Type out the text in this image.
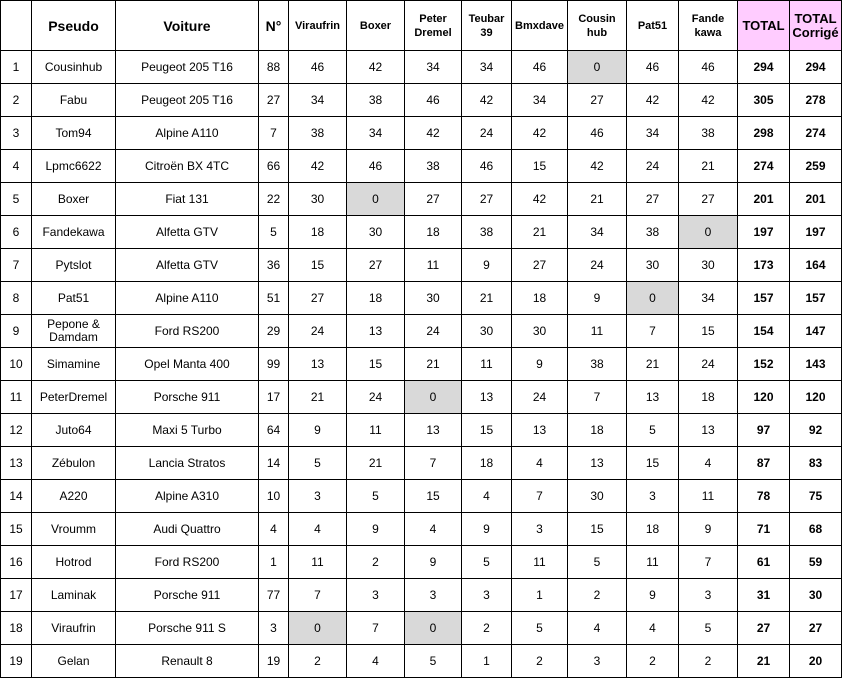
	Pseudo	Voiture	N°	Viraufrin	Boxer	Peter Dremel	Teubar 39	Bmxdave	Cousin hub	Pat51	Fande kawa	TOTAL	TOTAL Corrigé
1	Cousinhub	Peugeot 205 T16	88	46	42	34	34	46	0	46	46	294	294
2	Fabu	Peugeot 205 T16	27	34	38	46	42	34	27	42	42	305	278
3	Tom94	Alpine A110	7	38	34	42	24	42	46	34	38	298	274
4	Lpmc6622	Citroën BX 4TC	66	42	46	38	46	15	42	24	21	274	259
5	Boxer	Fiat 131	22	30	0	27	27	42	21	27	27	201	201
6	Fandekawa	Alfetta GTV	5	18	30	18	38	21	34	38	0	197	197
7	Pytslot	Alfetta GTV	36	15	27	11	9	27	24	30	30	173	164
8	Pat51	Alpine A110	51	27	18	30	21	18	9	0	34	157	157
9	Pepone & Damdam	Ford RS200	29	24	13	24	30	30	11	7	15	154	147
10	Simamine	Opel Manta 400	99	13	15	21	11	9	38	21	24	152	143
11	PeterDremel	Porsche 911	17	21	24	0	13	24	7	13	18	120	120
12	Juto64	Maxi 5 Turbo	64	9	11	13	15	13	18	5	13	97	92
13	Zébulon	Lancia Stratos	14	5	21	7	18	4	13	15	4	87	83
14	A220	Alpine A310	10	3	5	15	4	7	30	3	11	78	75
15	Vroumm	Audi Quattro	4	4	9	4	9	3	15	18	9	71	68
16	Hotrod	Ford RS200	1	11	2	9	5	11	5	11	7	61	59
17	Laminak	Porsche 911	77	7	3	3	3	1	2	9	3	31	30
18	Viraufrin	Porsche 911 S	3	0	7	0	2	5	4	4	5	27	27
19	Gelan	Renault 8	19	2	4	5	1	2	3	2	2	21	20
